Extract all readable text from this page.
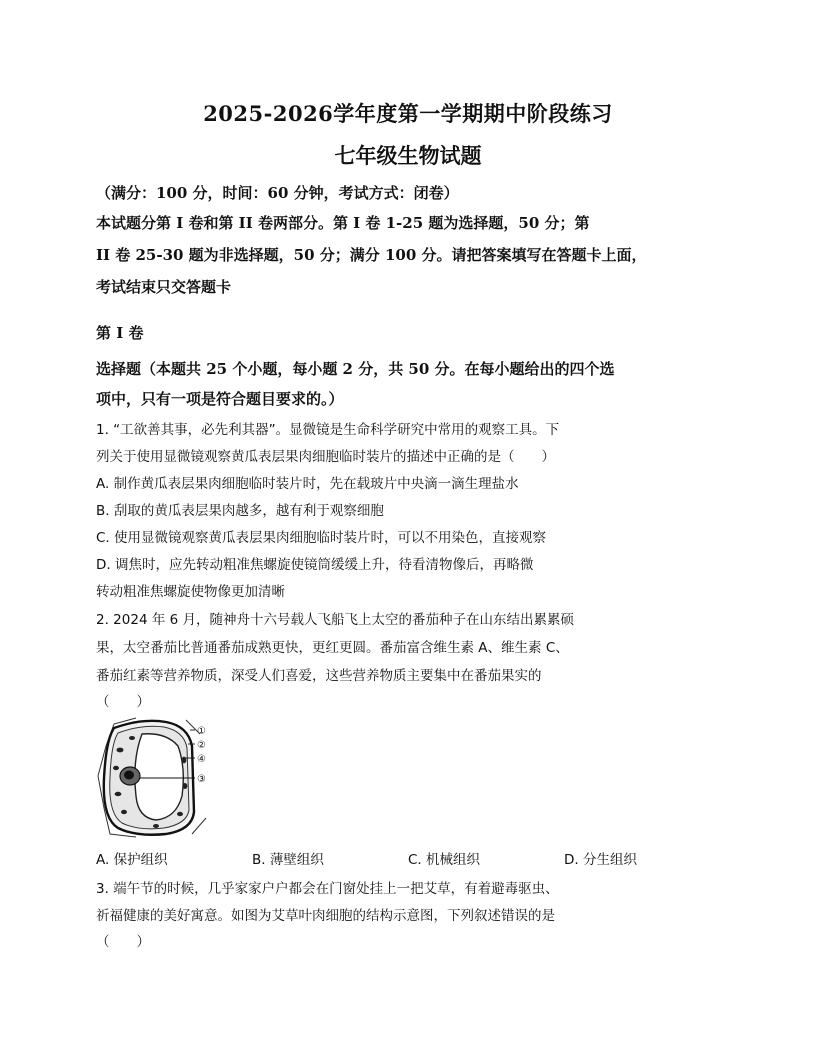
2025-2026学年度第一学期期中阶段练习
七年级生物试题
（满分：100 分，时间：60 分钟，考试方式：闭卷）
本试题分第 I 卷和第 II 卷两部分。第 I 卷 1-25 题为选择题，50 分；第
II 卷 25-30 题为非选择题，50 分；满分 100 分。请把答案填写在答题卡上面，
考试结束只交答题卡
第 I 卷
选择题（本题共 25 个小题，每小题 2 分，共 50 分。在每小题给出的四个选
项中，只有一项是符合题目要求的。）
1. “工欲善其事，必先利其器”。显微镜是生命科学研究中常用的观察工具。下
列关于使用显微镜观察黄瓜表层果肉细胞临时装片的描述中正确的是（　　）
A. 制作黄瓜表层果肉细胞临时装片时，先在载玻片中央滴一滴生理盐水
B. 刮取的黄瓜表层果肉越多，越有利于观察细胞
C. 使用显微镜观察黄瓜表层果肉细胞临时装片时，可以不用染色，直接观察
D. 调焦时，应先转动粗准焦螺旋使镜筒缓缓上升，待看清物像后，再略微
转动粗准焦螺旋使物像更加清晰
2. 2024 年 6 月，随神舟十六号载人飞船飞上太空的番茄种子在山东结出累累硕
果，太空番茄比普通番茄成熟更快，更红更圆。番茄富含维生素 A、维生素 C、
番茄红素等营养物质，深受人们喜爱，这些营养物质主要集中在番茄果实的
（　　）
①
②
④
③
A. 保护组织	B. 薄壁组织	C. 机械组织	D. 分生组织
3. 端午节的时候，几乎家家户户都会在门窗处挂上一把艾草，有着避毒驱虫、
祈福健康的美好寓意。如图为艾草叶肉细胞的结构示意图，下列叙述错误的是
（　　）
